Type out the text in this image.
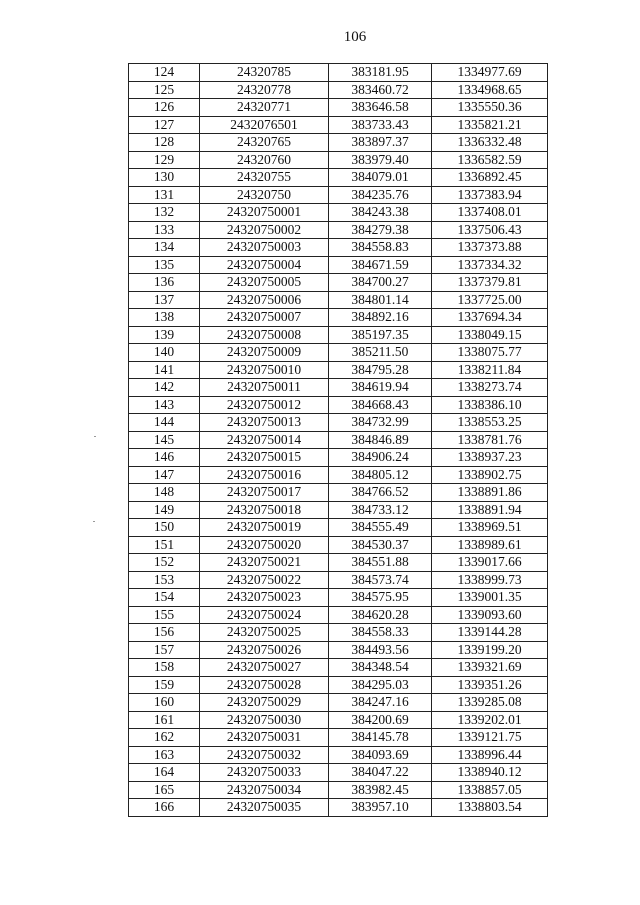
106
124	24320785	383181.95	1334977.69
125	24320778	383460.72	1334968.65
126	24320771	383646.58	1335550.36
127	2432076501	383733.43	1335821.21
128	24320765	383897.37	1336332.48
129	24320760	383979.40	1336582.59
130	24320755	384079.01	1336892.45
131	24320750	384235.76	1337383.94
132	24320750001	384243.38	1337408.01
133	24320750002	384279.38	1337506.43
134	24320750003	384558.83	1337373.88
135	24320750004	384671.59	1337334.32
136	24320750005	384700.27	1337379.81
137	24320750006	384801.14	1337725.00
138	24320750007	384892.16	1337694.34
139	24320750008	385197.35	1338049.15
140	24320750009	385211.50	1338075.77
141	24320750010	384795.28	1338211.84
142	24320750011	384619.94	1338273.74
143	24320750012	384668.43	1338386.10
144	24320750013	384732.99	1338553.25
145	24320750014	384846.89	1338781.76
146	24320750015	384906.24	1338937.23
147	24320750016	384805.12	1338902.75
148	24320750017	384766.52	1338891.86
149	24320750018	384733.12	1338891.94
150	24320750019	384555.49	1338969.51
151	24320750020	384530.37	1338989.61
152	24320750021	384551.88	1339017.66
153	24320750022	384573.74	1338999.73
154	24320750023	384575.95	1339001.35
155	24320750024	384620.28	1339093.60
156	24320750025	384558.33	1339144.28
157	24320750026	384493.56	1339199.20
158	24320750027	384348.54	1339321.69
159	24320750028	384295.03	1339351.26
160	24320750029	384247.16	1339285.08
161	24320750030	384200.69	1339202.01
162	24320750031	384145.78	1339121.75
163	24320750032	384093.69	1338996.44
164	24320750033	384047.22	1338940.12
165	24320750034	383982.45	1338857.05
166	24320750035	383957.10	1338803.54
